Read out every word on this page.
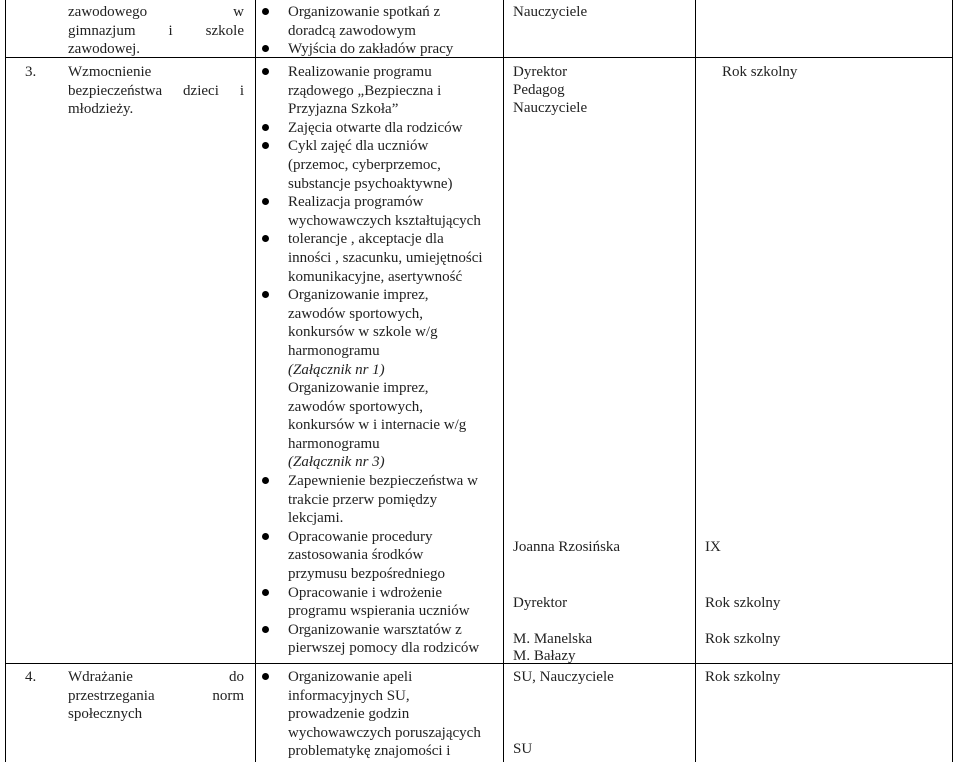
zawodowego w
gimnazjum i szkole
zawodowej.
Organizowanie spotkań z
doradcą zawodowym
Wyjścia do zakładów pracy
Nauczyciele
3. Wzmocnienie
bezpieczeństwa dzieci i
młodzieży.
Realizowanie programu
rządowego „Bezpieczna i
Przyjazna Szkoła”
Zajęcia otwarte dla rodziców
Cykl zajęć dla uczniów
(przemoc, cyberprzemoc,
substancje psychoaktywne)
Realizacja programów
wychowawczych kształtujących
tolerancje , akceptacje dla
inności , szacunku, umiejętności
komunikacyjne, asertywność
Organizowanie imprez,
zawodów sportowych,
konkursów w szkole w/g
harmonogramu
(Załącznik nr 1)
Organizowanie imprez,
zawodów sportowych,
konkursów w i internacie w/g
harmonogramu
(Załącznik nr 3)
Zapewnienie bezpieczeństwa w
trakcie przerw pomiędzy
lekcjami.
Opracowanie procedury
zastosowania środków
przymusu bezpośredniego
Opracowanie i wdrożenie
programu wspierania uczniów
Organizowanie warsztatów z
pierwszej pomocy dla rodziców
Dyrektor
Pedagog
Nauczyciele
Joanna Rzosińska
Dyrektor
M. Manelska
M. Bałazy
Rok szkolny
IX
Rok szkolny
Rok szkolny
4. Wdrażanie do
przestrzegania norm
społecznych
Organizowanie apeli
informacyjnych SU,
prowadzenie godzin
wychowawczych poruszających
problematykę znajomości i
SU, Nauczyciele
SU
Rok szkolny
